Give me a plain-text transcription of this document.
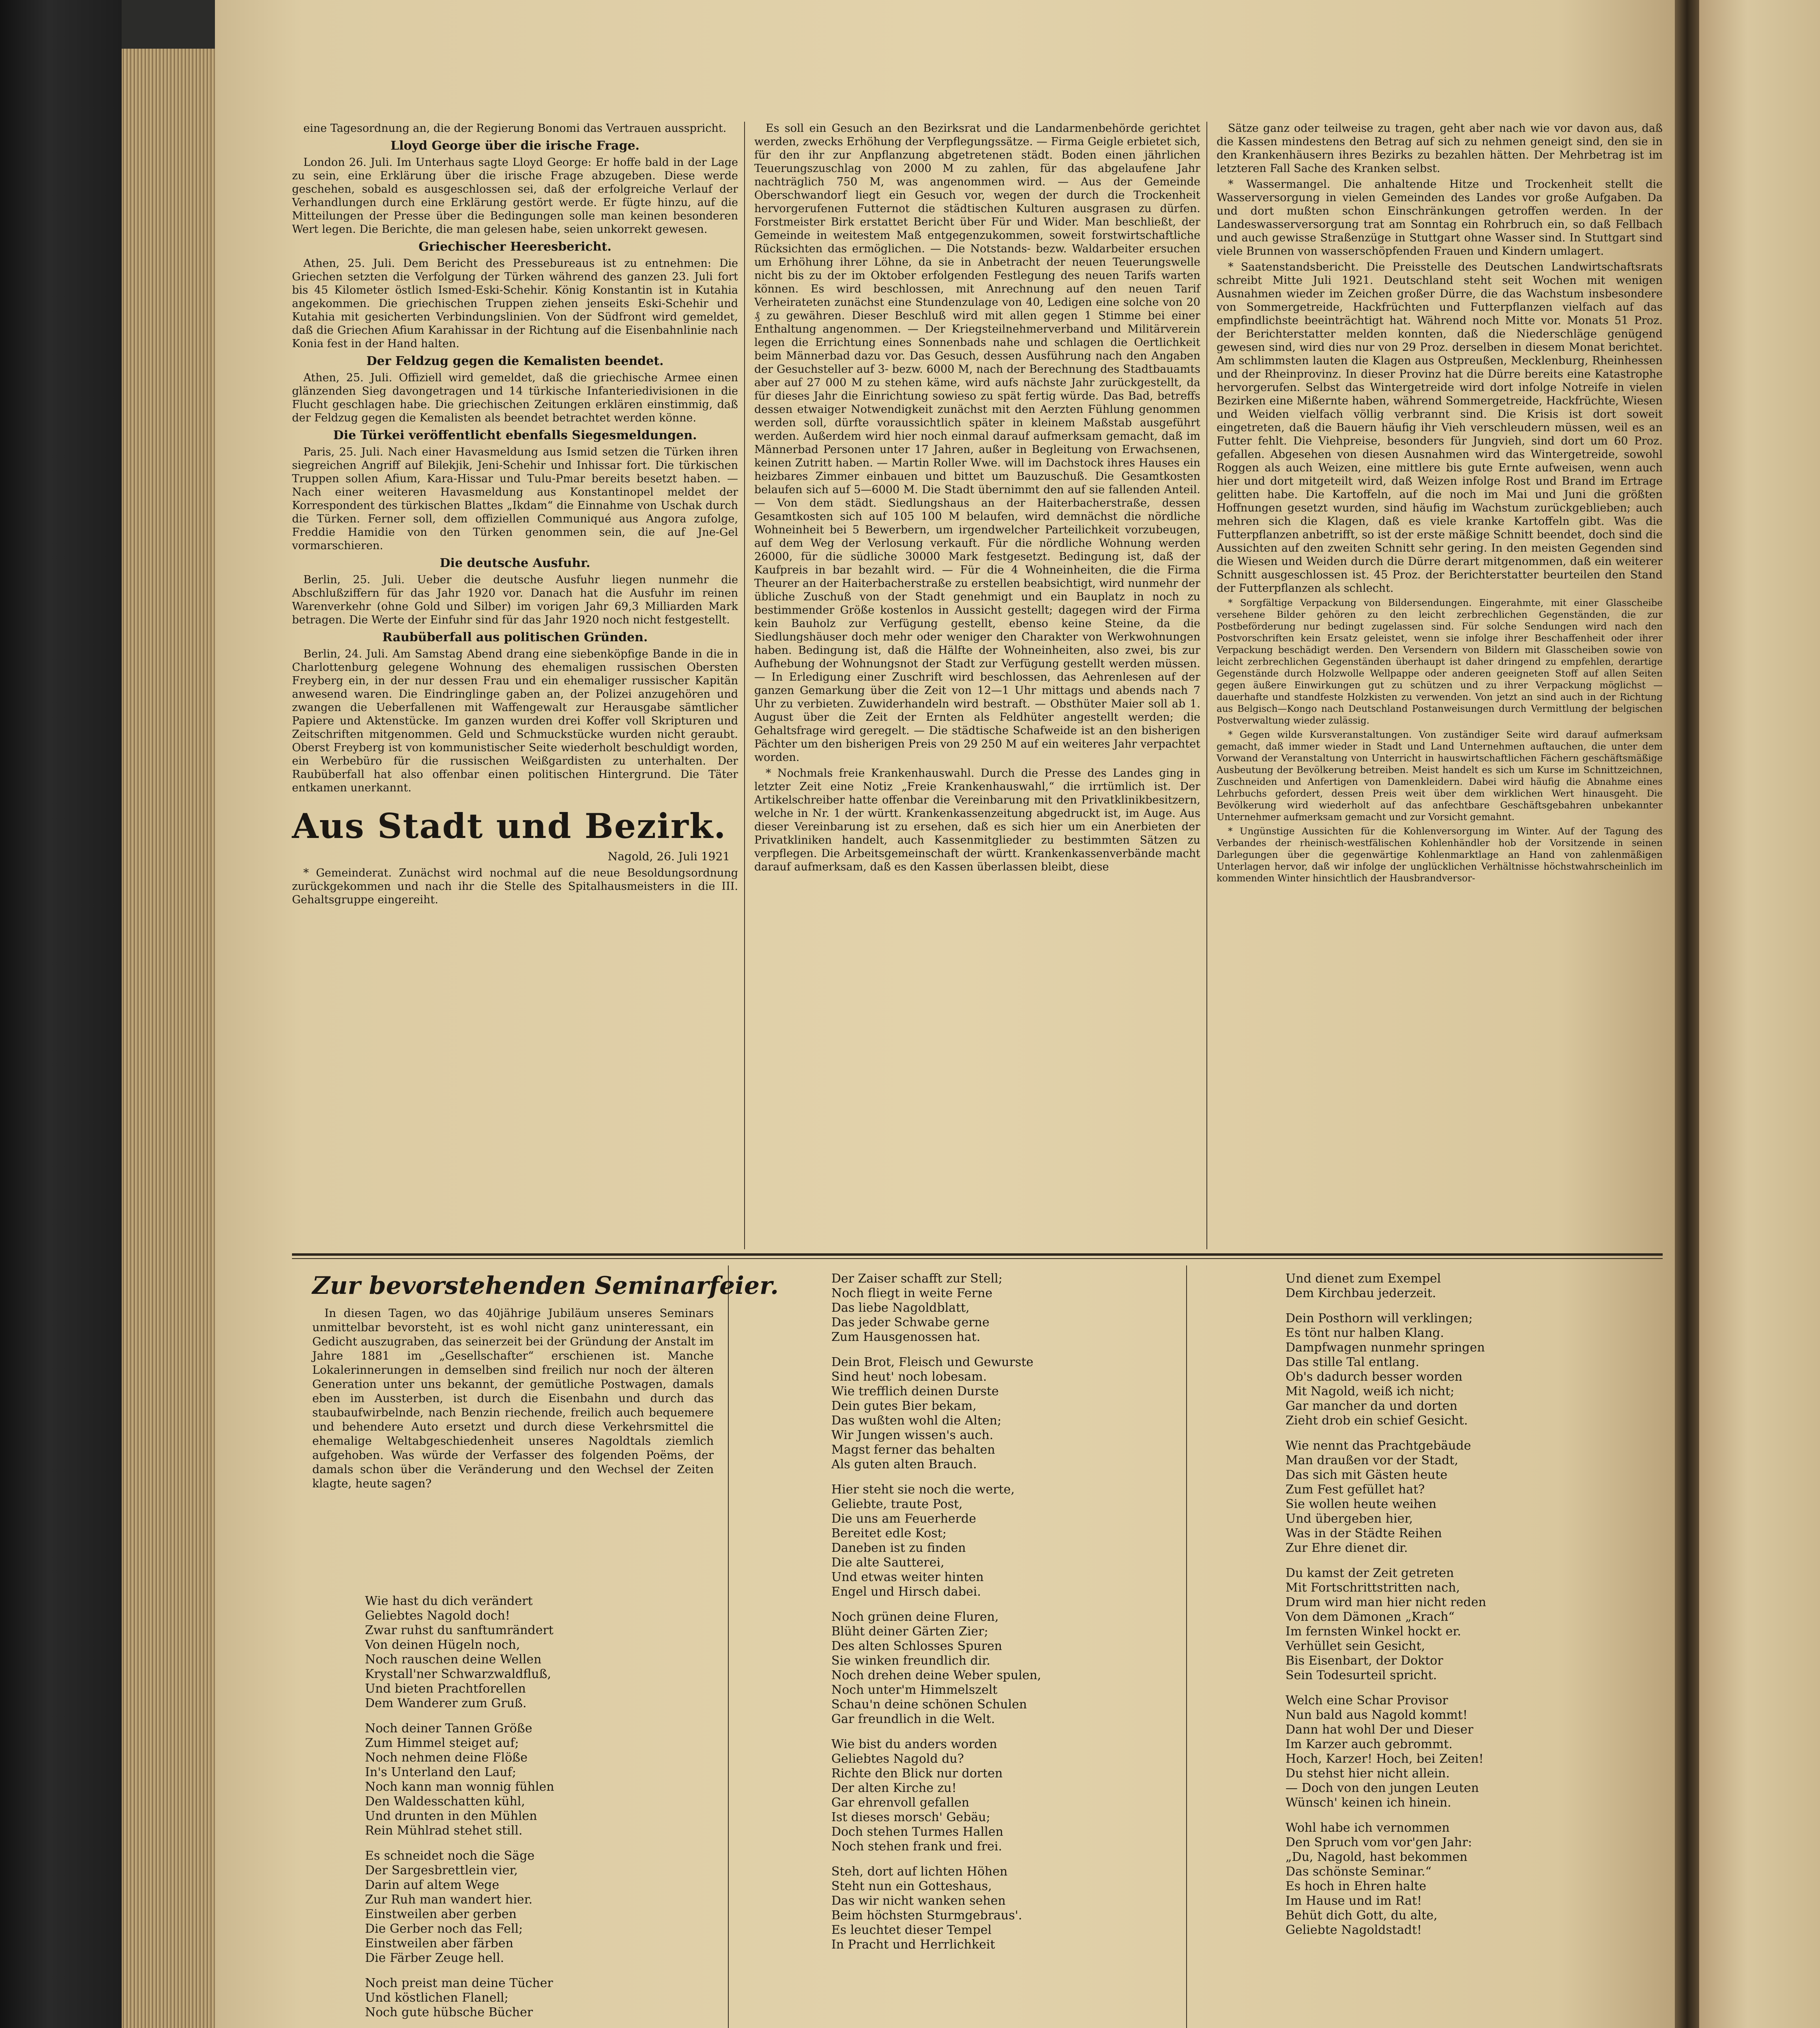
eine Tagesordnung an, die der Regierung Bonomi das Vertrauen ausspricht.

Lloyd George über die irische Frage.

London 26. Juli. Im Unterhaus sagte Lloyd George: Er hoffe bald in der Lage zu sein, eine Erklärung über die irische Frage abzugeben. Diese werde geschehen, sobald es ausgeschlossen sei, daß der erfolgreiche Verlauf der Verhandlungen durch eine Erklärung gestört werde. Er fügte hinzu, auf die Mitteilungen der Presse über die Bedingungen solle man keinen besonderen Wert legen. Die Berichte, die man gelesen habe, seien unkorrekt gewesen.

Griechischer Heeresbericht.

Athen, 25. Juli. Dem Bericht des Pressebureaus ist zu entnehmen: Die Griechen setzten die Verfolgung der Türken während des ganzen 23. Juli fort bis 45 Kilometer östlich Ismed-Eski-Schehir. König Konstantin ist in Kutahia angekommen. Die griechischen Truppen ziehen jenseits Eski-Schehir und Kutahia mit gesicherten Verbindungslinien. Von der Südfront wird gemeldet, daß die Griechen Afium Karahissar in der Richtung auf die Eisenbahnlinie nach Konia fest in der Hand halten.

Der Feldzug gegen die Kemalisten beendet.

Athen, 25. Juli. Offiziell wird gemeldet, daß die griechische Armee einen glänzenden Sieg davongetragen und 14 türkische Infanteriedivisionen in die Flucht geschlagen habe. Die griechischen Zeitungen erklären einstimmig, daß der Feldzug gegen die Kemalisten als beendet betrachtet werden könne.

Die Türkei veröffentlicht ebenfalls Siegesmeldungen.

Paris, 25. Juli. Nach einer Havasmeldung aus Ismid setzen die Türken ihren siegreichen Angriff auf Bilekjik, Jeni-Schehir und Inhissar fort. Die türkischen Truppen sollen Afium, Kara-Hissar und Tulu-Pmar bereits besetzt haben. — Nach einer weiteren Havasmeldung aus Konstantinopel meldet der Korrespondent des türkischen Blattes „Ikdam“ die Einnahme von Uschak durch die Türken. Ferner soll, dem offiziellen Communiqué aus Angora zufolge, Freddie Hamidie von den Türken genommen sein, die auf Jne-Gel vormarschieren.

Die deutsche Ausfuhr.

Berlin, 25. Juli. Ueber die deutsche Ausfuhr liegen nunmehr die Abschlußziffern für das Jahr 1920 vor. Danach hat die Ausfuhr im reinen Warenverkehr (ohne Gold und Silber) im vorigen Jahr 69,3 Milliarden Mark betragen. Die Werte der Einfuhr sind für das Jahr 1920 noch nicht festgestellt.

Raubüberfall aus politischen Gründen.

Berlin, 24. Juli. Am Samstag Abend drang eine siebenköpfige Bande in die in Charlottenburg gelegene Wohnung des ehemaligen russischen Obersten Freyberg ein, in der nur dessen Frau und ein ehemaliger russischer Kapitän anwesend waren. Die Eindringlinge gaben an, der Polizei anzugehören und zwangen die Ueberfallenen mit Waffengewalt zur Herausgabe sämtlicher Papiere und Aktenstücke. Im ganzen wurden drei Koffer voll Skripturen und Zeitschriften mitgenommen. Geld und Schmuckstücke wurden nicht geraubt. Oberst Freyberg ist von kommunistischer Seite wiederholt beschuldigt worden, ein Werbebüro für die russischen Weißgardisten zu unterhalten. Der Raubüberfall hat also offenbar einen politischen Hintergrund. Die Täter entkamen unerkannt.

Aus Stadt und Bezirk.
Nagold, 26. Juli 1921

* Gemeinderat. Zunächst wird nochmal auf die neue Besoldungsordnung zurückgekommen und nach ihr die Stelle des Spitalhausmeisters in die III. Gehaltsgruppe eingereiht.

Es soll ein Gesuch an den Bezirksrat und die Landarmenbehörde gerichtet werden, zwecks Erhöhung der Verpflegungssätze. — Firma Geigle erbietet sich, für den ihr zur Anpflanzung abgetretenen städt. Boden einen jährlichen Teuerungszuschlag von 2000 M zu zahlen, für das abgelaufene Jahr nachträglich 750 M, was angenommen wird. — Aus der Gemeinde Oberschwandorf liegt ein Gesuch vor, wegen der durch die Trockenheit hervorgerufenen Futternot die städtischen Kulturen ausgrasen zu dürfen. Forstmeister Birk erstattet Bericht über Für und Wider. Man beschließt, der Gemeinde in weitestem Maß entgegenzukommen, soweit forstwirtschaftliche Rücksichten das ermöglichen. — Die Notstands- bezw. Waldarbeiter ersuchen um Erhöhung ihrer Löhne, da sie in Anbetracht der neuen Teuerungswelle nicht bis zu der im Oktober erfolgenden Festlegung des neuen Tarifs warten können. Es wird beschlossen, mit Anrechnung auf den neuen Tarif Verheirateten zunächst eine Stundenzulage von 40, Ledigen eine solche von 20 ₰ zu gewähren. Dieser Beschluß wird mit allen gegen 1 Stimme bei einer Enthaltung angenommen. — Der Kriegsteilnehmerverband und Militärverein legen die Errichtung eines Sonnenbads nahe und schlagen die Oertlichkeit beim Männerbad dazu vor. Das Gesuch, dessen Ausführung nach den Angaben der Gesuchsteller auf 3- bezw. 6000 M, nach der Berechnung des Stadtbauamts aber auf 27 000 M zu stehen käme, wird aufs nächste Jahr zurückgestellt, da für dieses Jahr die Einrichtung sowieso zu spät fertig würde. Das Bad, betreffs dessen etwaiger Notwendigkeit zunächst mit den Aerzten Fühlung genommen werden soll, dürfte voraussichtlich später in kleinem Maßstab ausgeführt werden. Außerdem wird hier noch einmal darauf aufmerksam gemacht, daß im Männerbad Personen unter 17 Jahren, außer in Begleitung von Erwachsenen, keinen Zutritt haben. — Martin Roller Wwe. will im Dachstock ihres Hauses ein heizbares Zimmer einbauen und bittet um Bauzuschuß. Die Gesamtkosten belaufen sich auf 5—6000 M. Die Stadt übernimmt den auf sie fallenden Anteil. — Von dem städt. Siedlungshaus an der Haiterbacherstraße, dessen Gesamtkosten sich auf 105 100 M belaufen, wird demnächst die nördliche Wohneinheit bei 5 Bewerbern, um irgendwelcher Parteilichkeit vorzubeugen, auf dem Weg der Verlosung verkauft. Für die nördliche Wohnung werden 26000, für die südliche 30000 Mark festgesetzt. Bedingung ist, daß der Kaufpreis in bar bezahlt wird. — Für die 4 Wohneinheiten, die die Firma Theurer an der Haiterbacherstraße zu erstellen beabsichtigt, wird nunmehr der übliche Zuschuß von der Stadt genehmigt und ein Bauplatz in noch zu bestimmender Größe kostenlos in Aussicht gestellt; dagegen wird der Firma kein Bauholz zur Verfügung gestellt, ebenso keine Steine, da die Siedlungshäuser doch mehr oder weniger den Charakter von Werkwohnungen haben. Bedingung ist, daß die Hälfte der Wohneinheiten, also zwei, bis zur Aufhebung der Wohnungsnot der Stadt zur Verfügung gestellt werden müssen. — In Erledigung einer Zuschrift wird beschlossen, das Aehrenlesen auf der ganzen Gemarkung über die Zeit von 12—1 Uhr mittags und abends nach 7 Uhr zu verbieten. Zuwiderhandeln wird bestraft. — Obsthüter Maier soll ab 1. August über die Zeit der Ernten als Feldhüter angestellt werden; die Gehaltsfrage wird geregelt. — Die städtische Schafweide ist an den bisherigen Pächter um den bisherigen Preis von 29 250 M auf ein weiteres Jahr verpachtet worden.

* Nochmals freie Krankenhauswahl. Durch die Presse des Landes ging in letzter Zeit eine Notiz „Freie Krankenhauswahl,“ die irrtümlich ist. Der Artikelschreiber hatte offenbar die Vereinbarung mit den Privatklinikbesitzern, welche in Nr. 1 der württ. Krankenkassenzeitung abgedruckt ist, im Auge. Aus dieser Vereinbarung ist zu ersehen, daß es sich hier um ein Anerbieten der Privatkliniken handelt, auch Kassenmitglieder zu bestimmten Sätzen zu verpflegen. Die Arbeitsgemeinschaft der württ. Krankenkassenverbände macht darauf aufmerksam, daß es den Kassen überlassen bleibt, diese

Sätze ganz oder teilweise zu tragen, geht aber nach wie vor davon aus, daß die Kassen mindestens den Betrag auf sich zu nehmen geneigt sind, den sie in den Krankenhäusern ihres Bezirks zu bezahlen hätten. Der Mehrbetrag ist im letzteren Fall Sache des Kranken selbst.

* Wassermangel. Die anhaltende Hitze und Trockenheit stellt die Wasserversorgung in vielen Gemeinden des Landes vor große Aufgaben. Da und dort mußten schon Einschränkungen getroffen werden. In der Landeswasserversorgung trat am Sonntag ein Rohrbruch ein, so daß Fellbach und auch gewisse Straßenzüge in Stuttgart ohne Wasser sind. In Stuttgart sind viele Brunnen von wasserschöpfenden Frauen und Kindern umlagert.

* Saatenstandsbericht. Die Preisstelle des Deutschen Landwirtschaftsrats schreibt Mitte Juli 1921. Deutschland steht seit Wochen mit wenigen Ausnahmen wieder im Zeichen großer Dürre, die das Wachstum insbesondere von Sommergetreide, Hackfrüchten und Futterpflanzen vielfach auf das empfindlichste beeinträchtigt hat. Während noch Mitte vor. Monats 51 Proz. der Berichterstatter melden konnten, daß die Niederschläge genügend gewesen sind, wird dies nur von 29 Proz. derselben in diesem Monat berichtet. Am schlimmsten lauten die Klagen aus Ostpreußen, Mecklenburg, Rheinhessen und der Rheinprovinz. In dieser Provinz hat die Dürre bereits eine Katastrophe hervorgerufen. Selbst das Wintergetreide wird dort infolge Notreife in vielen Bezirken eine Mißernte haben, während Sommergetreide, Hackfrüchte, Wiesen und Weiden vielfach völlig verbrannt sind. Die Krisis ist dort soweit eingetreten, daß die Bauern häufig ihr Vieh verschleudern müssen, weil es an Futter fehlt. Die Viehpreise, besonders für Jungvieh, sind dort um 60 Proz. gefallen. Abgesehen von diesen Ausnahmen wird das Wintergetreide, sowohl Roggen als auch Weizen, eine mittlere bis gute Ernte aufweisen, wenn auch hier und dort mitgeteilt wird, daß Weizen infolge Rost und Brand im Ertrage gelitten habe. Die Kartoffeln, auf die noch im Mai und Juni die größten Hoffnungen gesetzt wurden, sind häufig im Wachstum zurückgeblieben; auch mehren sich die Klagen, daß es viele kranke Kartoffeln gibt. Was die Futterpflanzen anbetrifft, so ist der erste mäßige Schnitt beendet, doch sind die Aussichten auf den zweiten Schnitt sehr gering. In den meisten Gegenden sind die Wiesen und Weiden durch die Dürre derart mitgenommen, daß ein weiterer Schnitt ausgeschlossen ist. 45 Proz. der Berichterstatter beurteilen den Stand der Futterpflanzen als schlecht.

* Sorgfältige Verpackung von Bildersendungen. Eingerahmte, mit einer Glasscheibe versehene Bilder gehören zu den leicht zerbrechlichen Gegenständen, die zur Postbeförderung nur bedingt zugelassen sind. Für solche Sendungen wird nach den Postvorschriften kein Ersatz geleistet, wenn sie infolge ihrer Beschaffenheit oder ihrer Verpackung beschädigt werden. Den Versendern von Bildern mit Glasscheiben sowie von leicht zerbrechlichen Gegenständen überhaupt ist daher dringend zu empfehlen, derartige Gegenstände durch Holzwolle Wellpappe oder anderen geeigneten Stoff auf allen Seiten gegen äußere Einwirkungen gut zu schützen und zu ihrer Verpackung möglichst — dauerhafte und standfeste Holzkisten zu verwenden. Von jetzt an sind auch in der Richtung aus Belgisch—Kongo nach Deutschland Postanweisungen durch Vermittlung der belgischen Postverwaltung wieder zulässig.

* Gegen wilde Kursveranstaltungen. Von zuständiger Seite wird darauf aufmerksam gemacht, daß immer wieder in Stadt und Land Unternehmen auftauchen, die unter dem Vorwand der Veranstaltung von Unterricht in hauswirtschaftlichen Fächern geschäftsmäßige Ausbeutung der Bevölkerung betreiben. Meist handelt es sich um Kurse im Schnittzeichnen, Zuschneiden und Anfertigen von Damenkleidern. Dabei wird häufig die Abnahme eines Lehrbuchs gefordert, dessen Preis weit über dem wirklichen Wert hinausgeht. Die Bevölkerung wird wiederholt auf das anfechtbare Geschäftsgebahren unbekannter Unternehmer aufmerksam gemacht und zur Vorsicht gemahnt.

* Ungünstige Aussichten für die Kohlenversorgung im Winter. Auf der Tagung des Verbandes der rheinisch-westfälischen Kohlenhändler hob der Vorsitzende in seinen Darlegungen über die gegenwärtige Kohlenmarktlage an Hand von zahlenmäßigen Unterlagen hervor, daß wir infolge der unglücklichen Verhältnisse höchstwahrscheinlich im kommenden Winter hinsichtlich der Hausbrandversor-

Zur bevorstehenden Seminarfeier.

In diesen Tagen, wo das 40jährige Jubiläum unseres Seminars unmittelbar bevorsteht, ist es wohl nicht ganz uninteressant, ein Gedicht auszugraben, das seinerzeit bei der Gründung der Anstalt im Jahre 1881 im „Gesellschafter“ erschienen ist. Manche Lokalerinnerungen in demselben sind freilich nur noch der älteren Generation unter uns bekannt, der gemütliche Postwagen, damals eben im Aussterben, ist durch die Eisenbahn und durch das staubaufwirbelnde, nach Benzin riechende, freilich auch bequemere und behendere Auto ersetzt und durch diese Verkehrsmittel die ehemalige Weltabgeschiedenheit unseres Nagoldtals ziemlich aufgehoben. Was würde der Verfasser des folgenden Poëms, der damals schon über die Veränderung und den Wechsel der Zeiten klagte, heute sagen?

Wie hast du dich verändert
Geliebtes Nagold doch!
Zwar ruhst du sanftumrändert
Von deinen Hügeln noch,
Noch rauschen deine Wellen
Krystall'ner Schwarzwaldfluß,
Und bieten Prachtforellen
Dem Wanderer zum Gruß.
Noch deiner Tannen Größe
Zum Himmel steiget auf;
Noch nehmen deine Flöße
In's Unterland den Lauf;
Noch kann man wonnig fühlen
Den Waldesschatten kühl,
Und drunten in den Mühlen
Rein Mühlrad stehet still.
Es schneidet noch die Säge
Der Sargesbrettlein vier,
Darin auf altem Wege
Zur Ruh man wandert hier.
Einstweilen aber gerben
Die Gerber noch das Fell;
Einstweilen aber färben
Die Färber Zeuge hell.
Noch preist man deine Tücher
Und köstlichen Flanell;
Noch gute hübsche Bücher
Der Zaiser schafft zur Stell;
Noch fliegt in weite Ferne
Das liebe Nagoldblatt,
Das jeder Schwabe gerne
Zum Hausgenossen hat.
Dein Brot, Fleisch und Gewurste
Sind heut' noch lobesam.
Wie trefflich deinen Durste
Dein gutes Bier bekam,
Das wußten wohl die Alten;
Wir Jungen wissen's auch.
Magst ferner das behalten
Als guten alten Brauch.
Hier steht sie noch die werte,
Geliebte, traute Post,
Die uns am Feuerherde
Bereitet edle Kost;
Daneben ist zu finden
Die alte Sautterei,
Und etwas weiter hinten
Engel und Hirsch dabei.
Noch grünen deine Fluren,
Blüht deiner Gärten Zier;
Des alten Schlosses Spuren
Sie winken freundlich dir.
Noch drehen deine Weber spulen,
Noch unter'm Himmelszelt
Schau'n deine schönen Schulen
Gar freundlich in die Welt.
Wie bist du anders worden
Geliebtes Nagold du?
Richte den Blick nur dorten
Der alten Kirche zu!
Gar ehrenvoll gefallen
Ist dieses morsch' Gebäu;
Doch stehen Turmes Hallen
Noch stehen frank und frei.
Steh, dort auf lichten Höhen
Steht nun ein Gotteshaus,
Das wir nicht wanken sehen
Beim höchsten Sturmgebraus'.
Es leuchtet dieser Tempel
In Pracht und Herrlichkeit
Und dienet zum Exempel
Dem Kirchbau jederzeit.
Dein Posthorn will verklingen;
Es tönt nur halben Klang.
Dampfwagen nunmehr springen
Das stille Tal entlang.
Ob's dadurch besser worden
Mit Nagold, weiß ich nicht;
Gar mancher da und dorten
Zieht drob ein schief Gesicht.
Wie nennt das Prachtgebäude
Man draußen vor der Stadt,
Das sich mit Gästen heute
Zum Fest gefüllet hat?
Sie wollen heute weihen
Und übergeben hier,
Was in der Städte Reihen
Zur Ehre dienet dir.
Du kamst der Zeit getreten
Mit Fortschrittstritten nach,
Drum wird man hier nicht reden
Von dem Dämonen „Krach“
Im fernsten Winkel hockt er.
Verhüllet sein Gesicht,
Bis Eisenbart, der Doktor
Sein Todesurteil spricht.
Welch eine Schar Provisor
Nun bald aus Nagold kommt!
Dann hat wohl Der und Dieser
Im Karzer auch gebrommt.
Hoch, Karzer! Hoch, bei Zeiten!
Du stehst hier nicht allein.
— Doch von den jungen Leuten
Wünsch' keinen ich hinein.
Wohl habe ich vernommen
Den Spruch vom vor'gen Jahr:
„Du, Nagold, hast bekommen
Das schönste Seminar.“
Es hoch in Ehren halte
Im Hause und im Rat!
Behüt dich Gott, du alte,
Geliebte Nagoldstadt!
